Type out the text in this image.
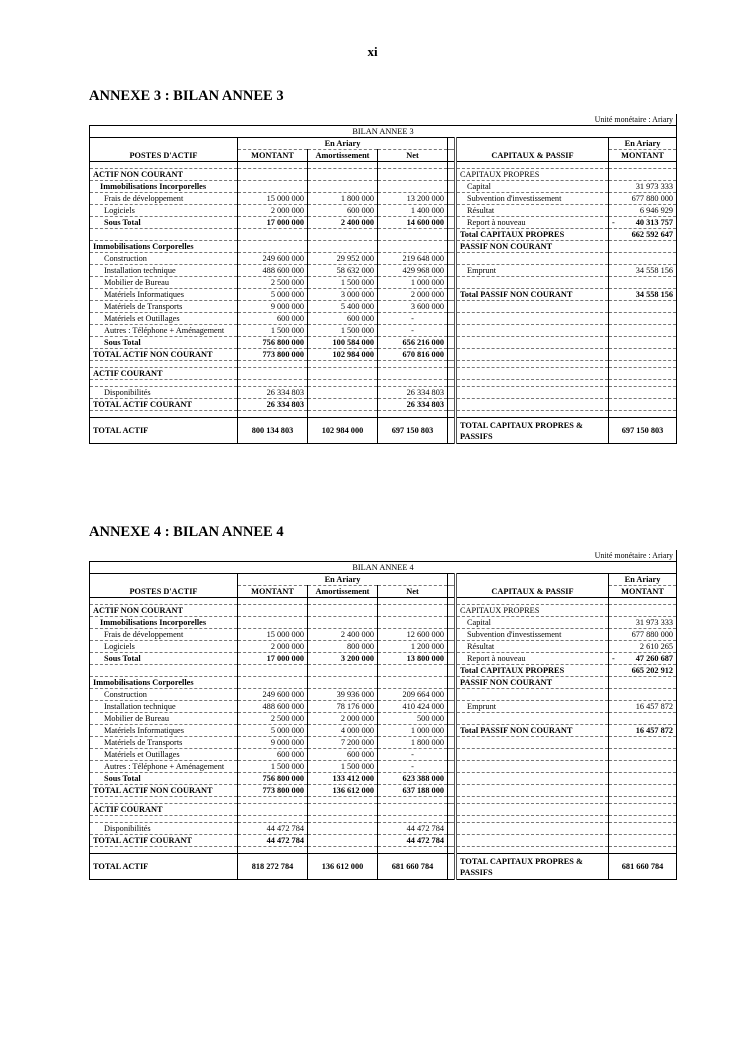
xi
ANNEXE 3 : BILAN ANNEE 3
Unité monétaire : Ariary						
BILAN ANNEE 3						
	En Ariary					En Ariary
POSTES D'ACTIF	MONTANT	Amortissement	Net		CAPITAUX & PASSIF	MONTANT

ACTIF NON COURANT					CAPITAUX PROPRES	
Immobilisations Incorporelles					Capital	31 973 333
Frais de développement	15 000 000	1 800 000	13 200 000		Subvention d'investissement	677 880 000
Logiciels	2 000 000	600 000	1 400 000		Résultat	6 946 929
Sous Total	17 000 000	2 400 000	14 600 000		Report à nouveau	- 40 313 757
					Total CAPITAUX PROPRES	662 592 647
Immobilisations Corporelles					PASSIF NON COURANT	
Construction	249 600 000	29 952 000	219 648 000			
Installation technique	488 600 000	58 632 000	429 968 000		Emprunt	34 558 156
Mobilier de Bureau	2 500 000	1 500 000	1 000 000			
Matériels Informatiques	5 000 000	3 000 000	2 000 000		Total PASSIF NON COURANT	34 558 156
Matériels de Transports	9 000 000	5 400 000	3 600 000			
Matériels et Outillages	600 000	600 000	-			
Autres : Téléphone + Aménagement	1 500 000	1 500 000	-			
Sous Total	756 800 000	100 584 000	656 216 000			
TOTAL ACTIF NON COURANT	773 800 000	102 984 000	670 816 000			

ACTIF COURANT						

Disponibilités	26 334 803		26 334 803			
TOTAL ACTIF COURANT	26 334 803		26 334 803			

TOTAL ACTIF	800 134 803	102 984 000	697 150 803		TOTAL CAPITAUX PROPRES & PASSIFS	697 150 803
ANNEXE 4 : BILAN ANNEE 4
Unité monétaire : Ariary						
BILAN ANNEE 4						
	En Ariary					En Ariary
POSTES D'ACTIF	MONTANT	Amortissement	Net		CAPITAUX & PASSIF	MONTANT

ACTIF NON COURANT					CAPITAUX PROPRES	
Immobilisations Incorporelles					Capital	31 973 333
Frais de développement	15 000 000	2 400 000	12 600 000		Subvention d'investissement	677 880 000
Logiciels	2 000 000	800 000	1 200 000		Résultat	2 610 265
Sous Total	17 000 000	3 200 000	13 800 000		Report à nouveau	- 47 260 687
					Total CAPITAUX PROPRES	665 202 912
Immobilisations Corporelles					PASSIF NON COURANT	
Construction	249 600 000	39 936 000	209 664 000			
Installation technique	488 600 000	78 176 000	410 424 000		Emprunt	16 457 872
Mobilier de Bureau	2 500 000	2 000 000	500 000			
Matériels Informatiques	5 000 000	4 000 000	1 000 000		Total PASSIF NON COURANT	16 457 872
Matériels de Transports	9 000 000	7 200 000	1 800 000			
Matériels et Outillages	600 000	600 000	-			
Autres : Téléphone + Aménagement	1 500 000	1 500 000	-			
Sous Total	756 800 000	133 412 000	623 388 000			
TOTAL ACTIF NON COURANT	773 800 000	136 612 000	637 188 000			

ACTIF COURANT						

Disponibilités	44 472 784		44 472 784			
TOTAL ACTIF COURANT	44 472 784		44 472 784			

TOTAL ACTIF	818 272 784	136 612 000	681 660 784		TOTAL CAPITAUX PROPRES & PASSIFS	681 660 784
